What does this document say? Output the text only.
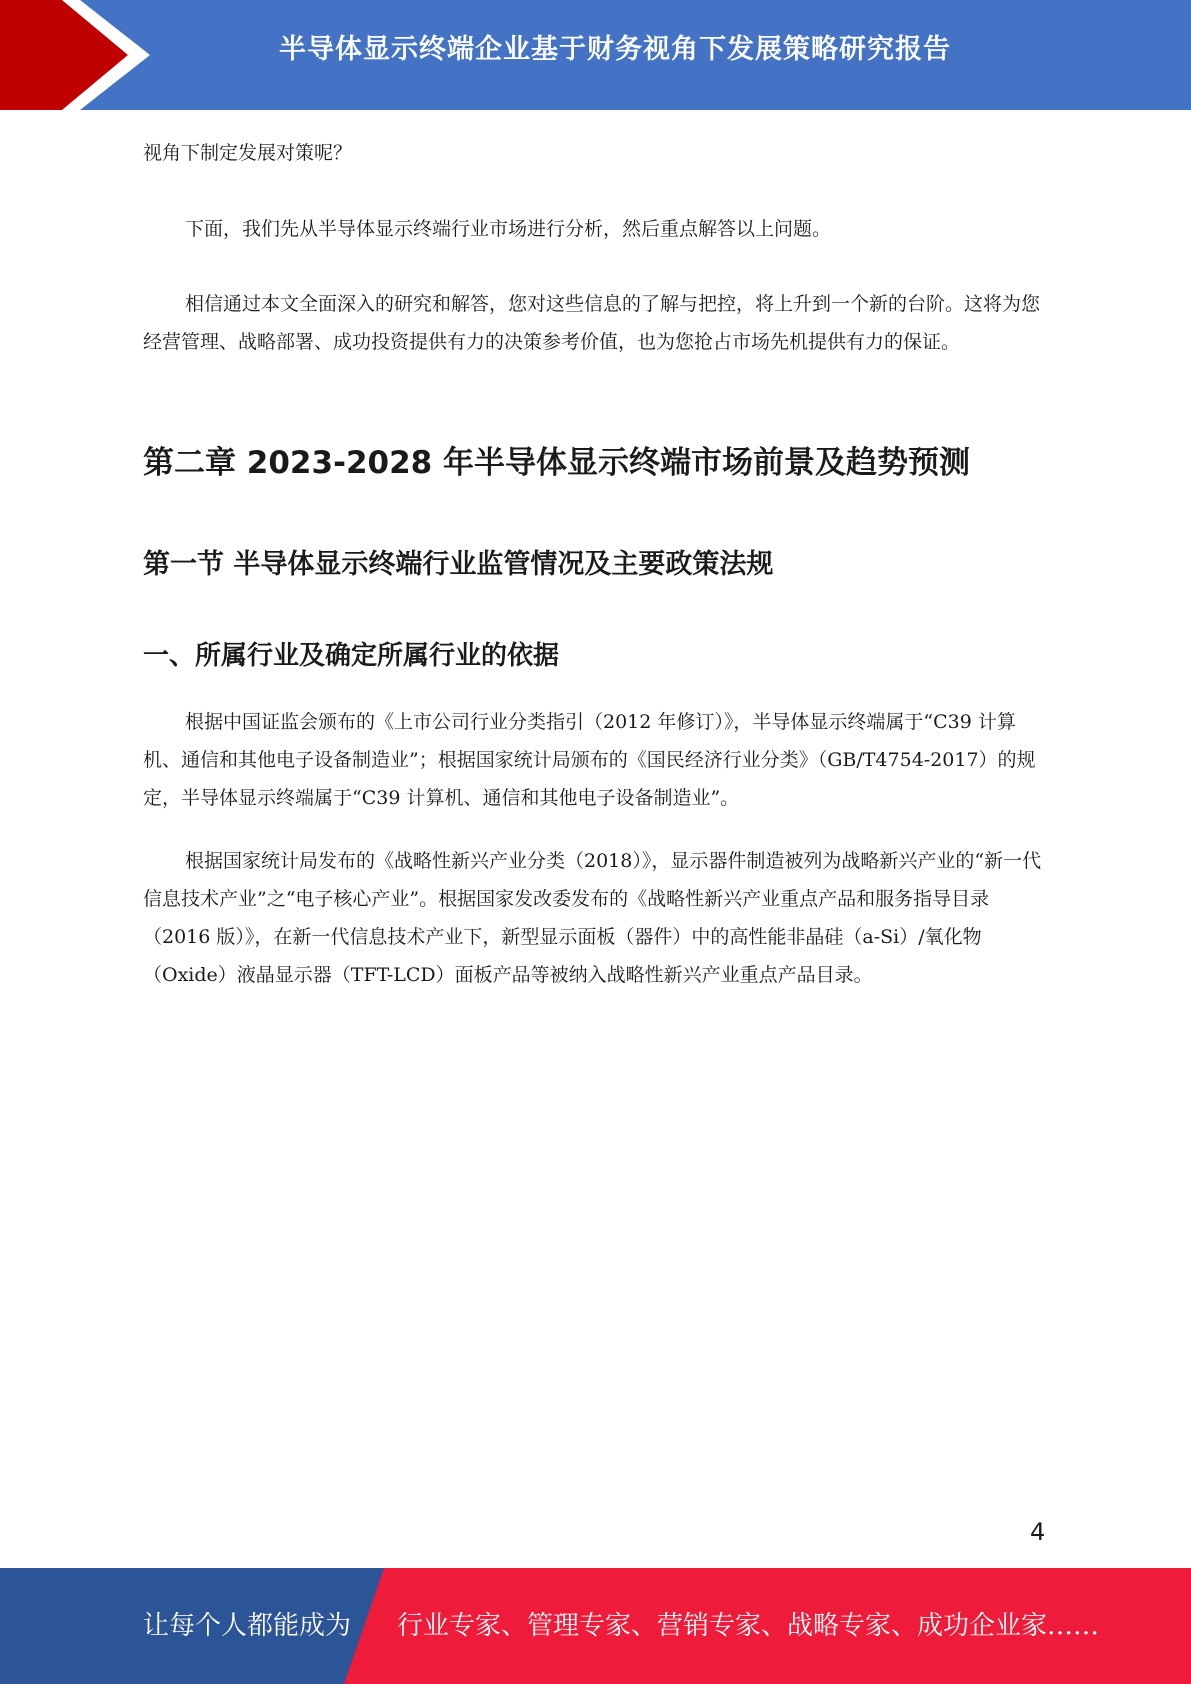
半导体显示终端企业基于财务视角下发展策略研究报告

视角下制定发展对策呢？

下面，我们先从半导体显示终端行业市场进行分析，然后重点解答以上问题。

相信通过本文全面深入的研究和解答，您对这些信息的了解与把控，将上升到一个新的台阶。这将为您经营管理、战略部署、成功投资提供有力的决策参考价值，也为您抢占市场先机提供有力的保证。

第二章 2023-2028 年半导体显示终端市场前景及趋势预测
第一节 半导体显示终端行业监管情况及主要政策法规
一、所属行业及确定所属行业的依据

根据中国证监会颁布的《上市公司行业分类指引（2012 年修订）》，半导体显示终端属于“C39 计算机、通信和其他电子设备制造业”；根据国家统计局颁布的《国民经济行业分类》（GB/T4754-2017）的规定，半导体显示终端属于“C39 计算机、通信和其他电子设备制造业”。

根据国家统计局发布的《战略性新兴产业分类（2018）》，显示器件制造被列为战略新兴产业的“新一代信息技术产业”之“电子核心产业”。根据国家发改委发布的《战略性新兴产业重点产品和服务指导目录（2016 版）》，在新一代信息技术产业下，新型显示面板（器件）中的高性能非晶硅（a-Si）/氧化物（Oxide）液晶显示器（TFT-LCD）面板产品等被纳入战略性新兴产业重点产品目录。

4
让每个人都能成为 行业专家、管理专家、营销专家、战略专家、成功企业家……
